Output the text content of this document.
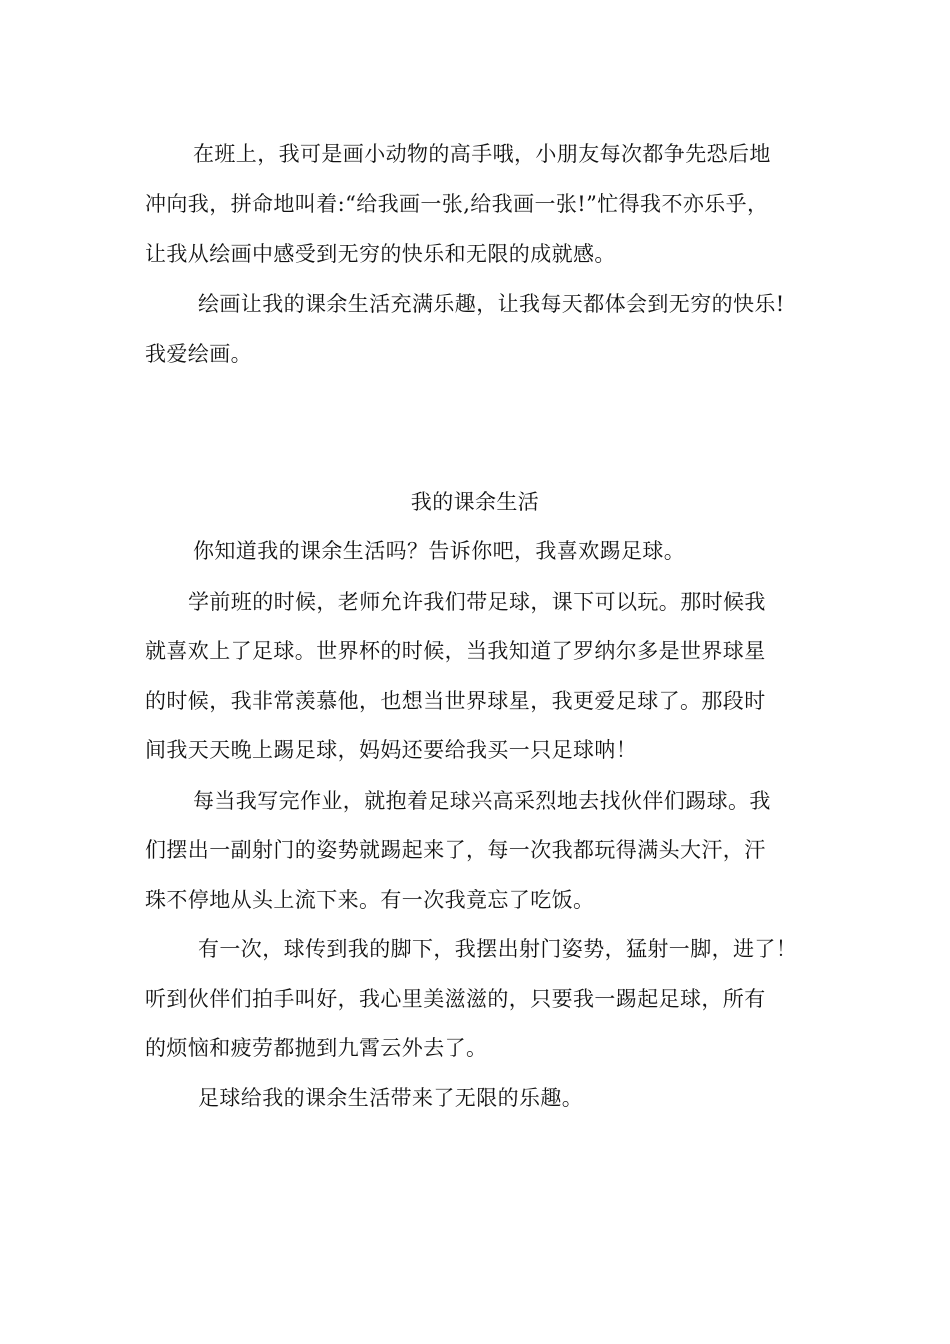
在班上，我可是画小动物的高手哦，小朋友每次都争先恐后地
冲向我，拼命地叫着:“给我画一张,给我画一张!”忙得我不亦乐乎，
让我从绘画中感受到无穷的快乐和无限的成就感。
绘画让我的课余生活充满乐趣，让我每天都体会到无穷的快乐!
我爱绘画。
我的课余生活
你知道我的课余生活吗？告诉你吧，我喜欢踢足球。
学前班的时候，老师允许我们带足球，课下可以玩。那时候我
就喜欢上了足球。世界杯的时候，当我知道了罗纳尔多是世界球星
的时候，我非常羡慕他，也想当世界球星，我更爱足球了。那段时
间我天天晚上踢足球，妈妈还要给我买一只足球呐！
每当我写完作业，就抱着足球兴高采烈地去找伙伴们踢球。我
们摆出一副射门的姿势就踢起来了，每一次我都玩得满头大汗，汗
珠不停地从头上流下来。有一次我竟忘了吃饭。
有一次，球传到我的脚下，我摆出射门姿势，猛射一脚，进了！
听到伙伴们拍手叫好，我心里美滋滋的，只要我一踢起足球，所有
的烦恼和疲劳都抛到九霄云外去了。
足球给我的课余生活带来了无限的乐趣。
